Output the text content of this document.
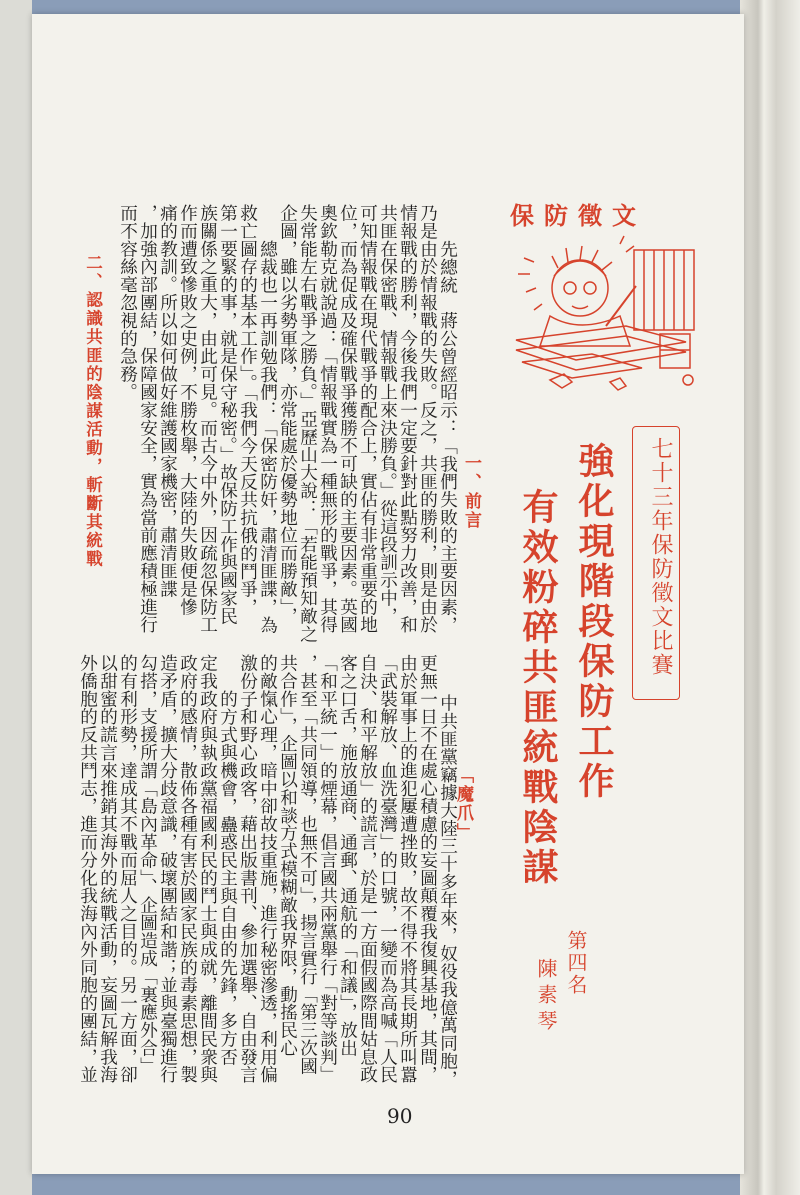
保防徵文
七十三年保防徵文比賽
強化現階段保防工作
有效粉碎共匪統戰陰謀
第四名
陳素琴
一、前言
二、認識共匪的陰謀活動，斬斷其統戰
「魔爪」
先總統　蔣公曾經昭示：「我們失敗的主要因素，
乃是由於情報戰的失敗。反之，共匪的勝利，則是由於
情報戰的勝利，今後我們一定要針對此點努力改善，和
共匪在保密戰、情報戰上來決勝負。」從這段訓示中，
可知情報戰在現代戰爭的配合上，實佔有非常重要的地
位，而為促成及確保戰爭獲勝不可缺的主要因素。英國
奧欽勒克就說過：「情報戰實為一種無形的戰爭，其得
失常能左右戰爭之勝負。」亞歷山大說：「若能預知敵之
企圖，雖以劣勢軍隊，亦常能處於優勢地位而勝敵」，
總裁也一再訓勉我們：「保密防奸，肅清匪諜，為
救亡圖存的基本工作」。「我們今天反共抗俄的鬥爭，
第一要緊的事，就是保守秘密。」故保防工作與國家民
族關係之重大，由此可見。而古今中外，因疏忽保防工
作而遭致慘敗之史例，不勝枚舉，大陸的失敗便是慘
痛的教訓。所以如何做好維護國家機密，肅清匪諜
，加強內部團結，保障國家安全，實為當前應積極進行
而不容絲毫忽視的急務。
中共匪黨竊據大陸三十多年來，奴役我億萬同胞，
更無一日不在處心積慮的妄圖顛覆我復興基地，其間，
由於軍事上的進犯屢遭挫敗，故不得不將其長期所叫囂
「武裝解放、血洗臺灣」的口號，一變而為高喊「人民
自決、和平解放」的謊言，於是一方面假國際間姑息政
客之口舌，施放通商、通郵、通航的「和議」，放出
「和平統一」的煙幕，倡言國共兩黨舉行「對等談判」
，甚至「共同領導，也無不可」，揚言實行「第三次國
共合作」，企圖以和談方式模糊敵我界限，動搖民心
的敵愾心理，暗中卻故技重施，進行秘密滲透，利用偏
激份子和野心政客，藉出版書刊、參加選舉、自由發言
的方式與機會，蠱惑民主與自由的先鋒，多方否
定我政府與執政黨福國利民的鬥士與成就，離間民衆與
政府的感情，散佈各種有害於國家民族的毒素思想，製
造矛盾，擴大分歧意識，破壞團結和諧；並與臺獨進行
勾搭，支援所謂「島內革命」、企圖造成「裏應外合」
的有利形勢，達成其不戰而屈人之目的。另一方面，卻
以甜蜜的謊言來推銷其海外的統戰活動，妄圖瓦解我海
外僑胞的反共鬥志，進而分化我海內外同胞的團結，並
90
